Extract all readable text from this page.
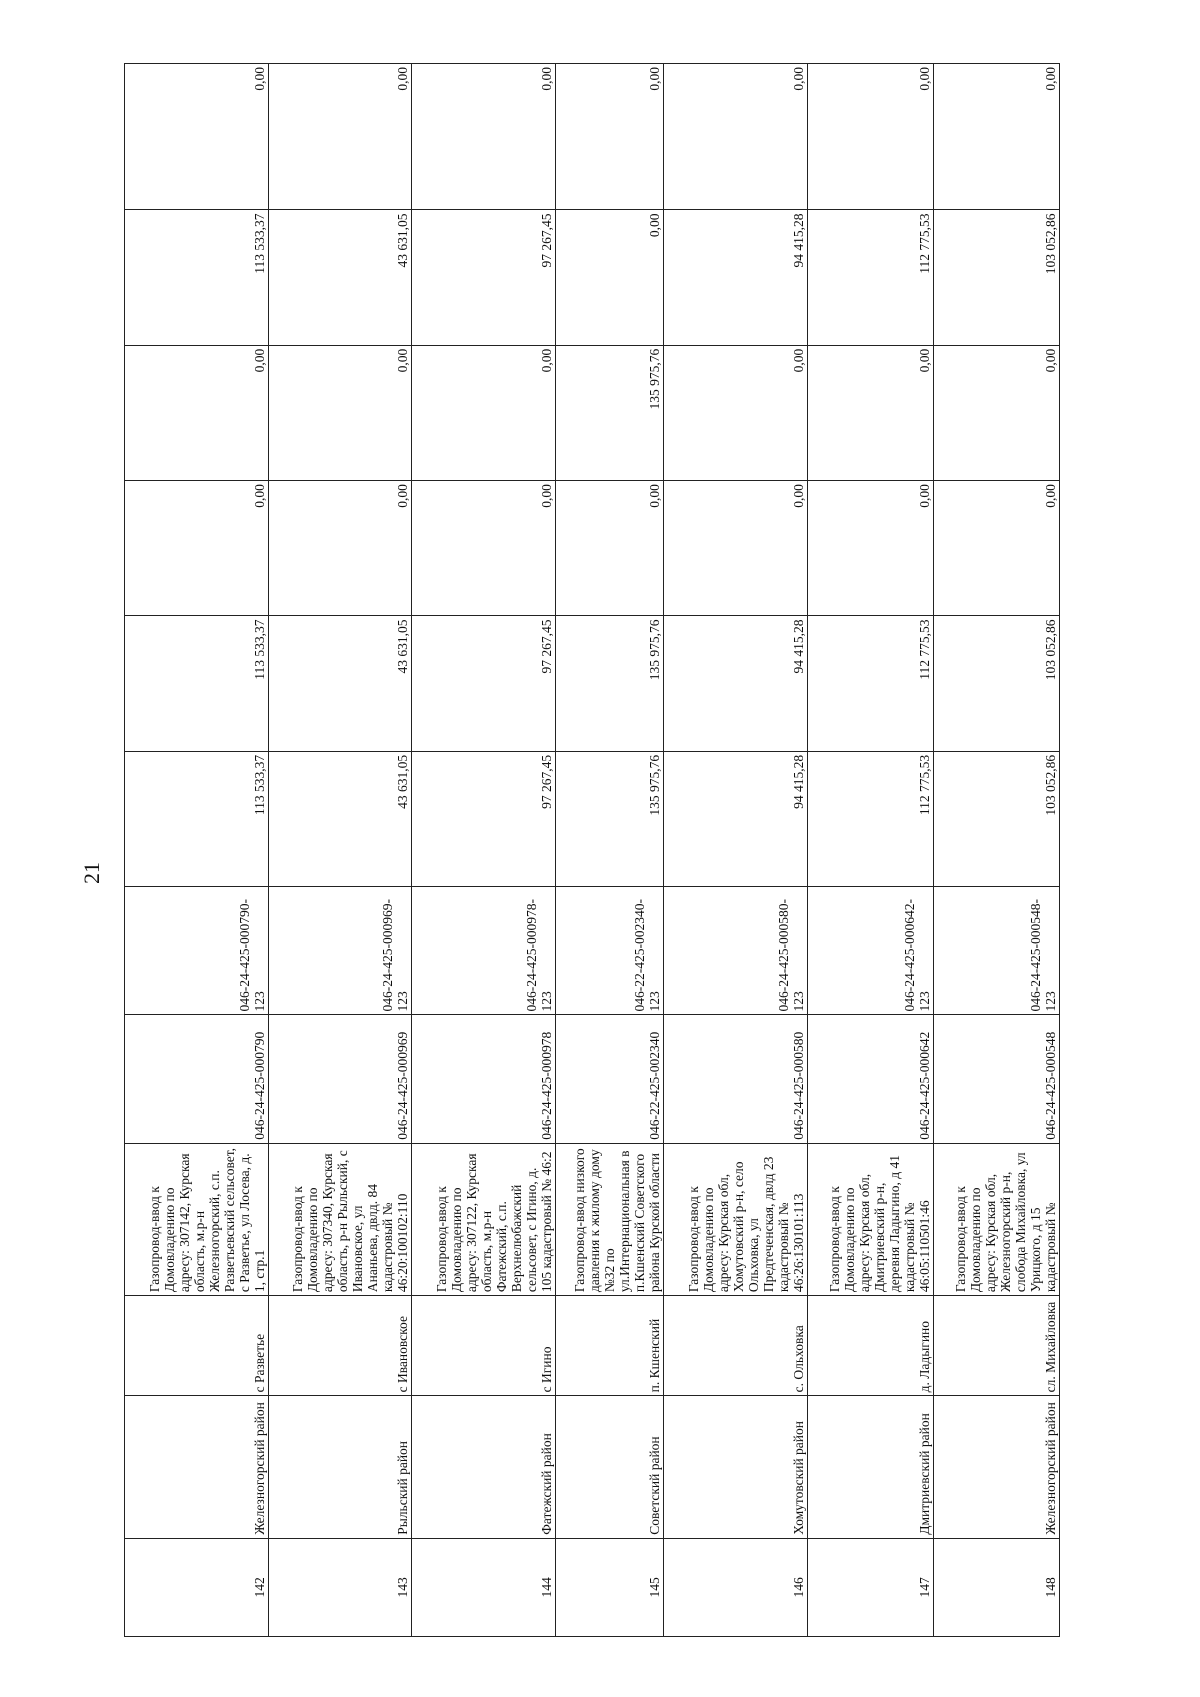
21
142	Железногорский район	с Разветье	Газопровод-ввод к Домовладению по адресу: 307142, Курская область, м.р-н Железногорский, с.п. Разветьевский сельсовет, с Разветье, ул Лосева, д. 1, стр.1	046-24-425-000790	046-24-425-000790-123	113 533,37	113 533,37	0,00	0,00	113 533,37	0,00
143	Рыльский район	с Ивановское	Газопровод-ввод к Домовладению по адресу: 307340, Курская область, р-н Рыльский, с Ивановское, ул Ананьева, двлд. 84 кадастровый № 46:20:100102:110	046-24-425-000969	046-24-425-000969-123	43 631,05	43 631,05	0,00	0,00	43 631,05	0,00
144	Фатежский район	с Игино	Газопровод-ввод к Домовладению по адресу: 307122, Курская область, м.р-н Фатежский, с.п. Верхнелюбажский сельсовет, с Игино, д. 105 кадастровый № 46:2	046-24-425-000978	046-24-425-000978-123	97 267,45	97 267,45	0,00	0,00	97 267,45	0,00
145	Советский район	п. Кшенский	Газопровод-ввод низкого давления к жилому дому №32 по ул.Интернациональная в п.Кшенский Советского района Курской области	046-22-425-002340	046-22-425-002340-123	135 975,76	135 975,76	0,00	135 975,76	0,00	0,00
146	Хомутовский район	с. Ольховка	Газопровод-ввод к Домовладению по адресу: Курская обл, Хомутовский р-н, село Ольховка, ул Предтеченская, двлд 23 кадастровый № 46:26:130101:113	046-24-425-000580	046-24-425-000580-123	94 415,28	94 415,28	0,00	0,00	94 415,28	0,00
147	Дмитриевский район	д. Ладыгино	Газопровод-ввод к Домовладению по адресу: Курская обл, Дмитриевский р-н, деревня Ладыгино, д 41 кадастровый № 46:05:110501:46	046-24-425-000642	046-24-425-000642-123	112 775,53	112 775,53	0,00	0,00	112 775,53	0,00
148	Железногорский район	сл. Михайловка	Газопровод-ввод к Домовладению по адресу: Курская обл, Железногорский р-н, слобода Михайловка, ул Урицкого, д 15 кадастровый №	046-24-425-000548	046-24-425-000548-123	103 052,86	103 052,86	0,00	0,00	103 052,86	0,00
